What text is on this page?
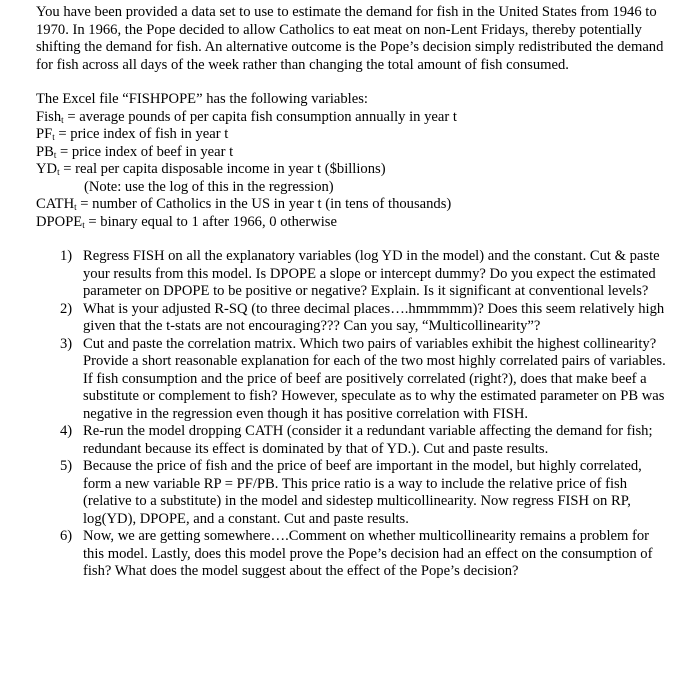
You have been provided a data set to use to estimate the demand for fish in the United States from 1946 to 1970. In 1966, the Pope decided to allow Catholics to eat meat on non-Lent Fridays, thereby potentially shifting the demand for fish. An alternative outcome is the Pope’s decision simply redistributed the demand for fish across all days of the week rather than changing the total amount of fish consumed.

The Excel file “FISHPOPE” has the following variables:

Fish$_t$ = average pounds of per capita fish consumption annually in year t

$PF_t$ = price index of fish in year t

$PB_t$ = price index of beef in year t

$YD_t$ = real per capita disposable income in year t ($billions)

(Note: use the log of this in the regression)

$CATH_t$ = number of Catholics in the US in year t (in tens of thousands)

$DPOPE_t$ = binary equal to 1 after 1966, 0 otherwise

1) Regress FISH on all the explanatory variables (log YD in the model) and the constant. Cut & paste your results from this model. Is DPOPE a slope or intercept dummy? Do you expect the estimated parameter on DPOPE to be positive or negative? Explain. Is it significant at conventional levels?
2) What is your adjusted R-SQ (to three decimal places….hmmmmm)? Does this seem relatively high given that the t-stats are not encouraging??? Can you say, “Multicollinearity”?
3) Cut and paste the correlation matrix. Which two pairs of variables exhibit the highest collinearity? Provide a short reasonable explanation for each of the two most highly correlated pairs of variables. If fish consumption and the price of beef are positively correlated (right?), does that make beef a substitute or complement to fish? However, speculate as to why the estimated parameter on PB was negative in the regression even though it has positive correlation with FISH.
4) Re-run the model dropping CATH (consider it a redundant variable affecting the demand for fish; redundant because its effect is dominated by that of YD.). Cut and paste results.
5) Because the price of fish and the price of beef are important in the model, but highly correlated, form a new variable RP = PF/PB. This price ratio is a way to include the relative price of fish (relative to a substitute) in the model and sidestep multicollinearity. Now regress FISH on RP, log(YD), DPOPE, and a constant. Cut and paste results.
6) Now, we are getting somewhere….Comment on whether multicollinearity remains a problem for this model. Lastly, does this model prove the Pope’s decision had an effect on the consumption of fish? What does the model suggest about the effect of the Pope’s decision?
